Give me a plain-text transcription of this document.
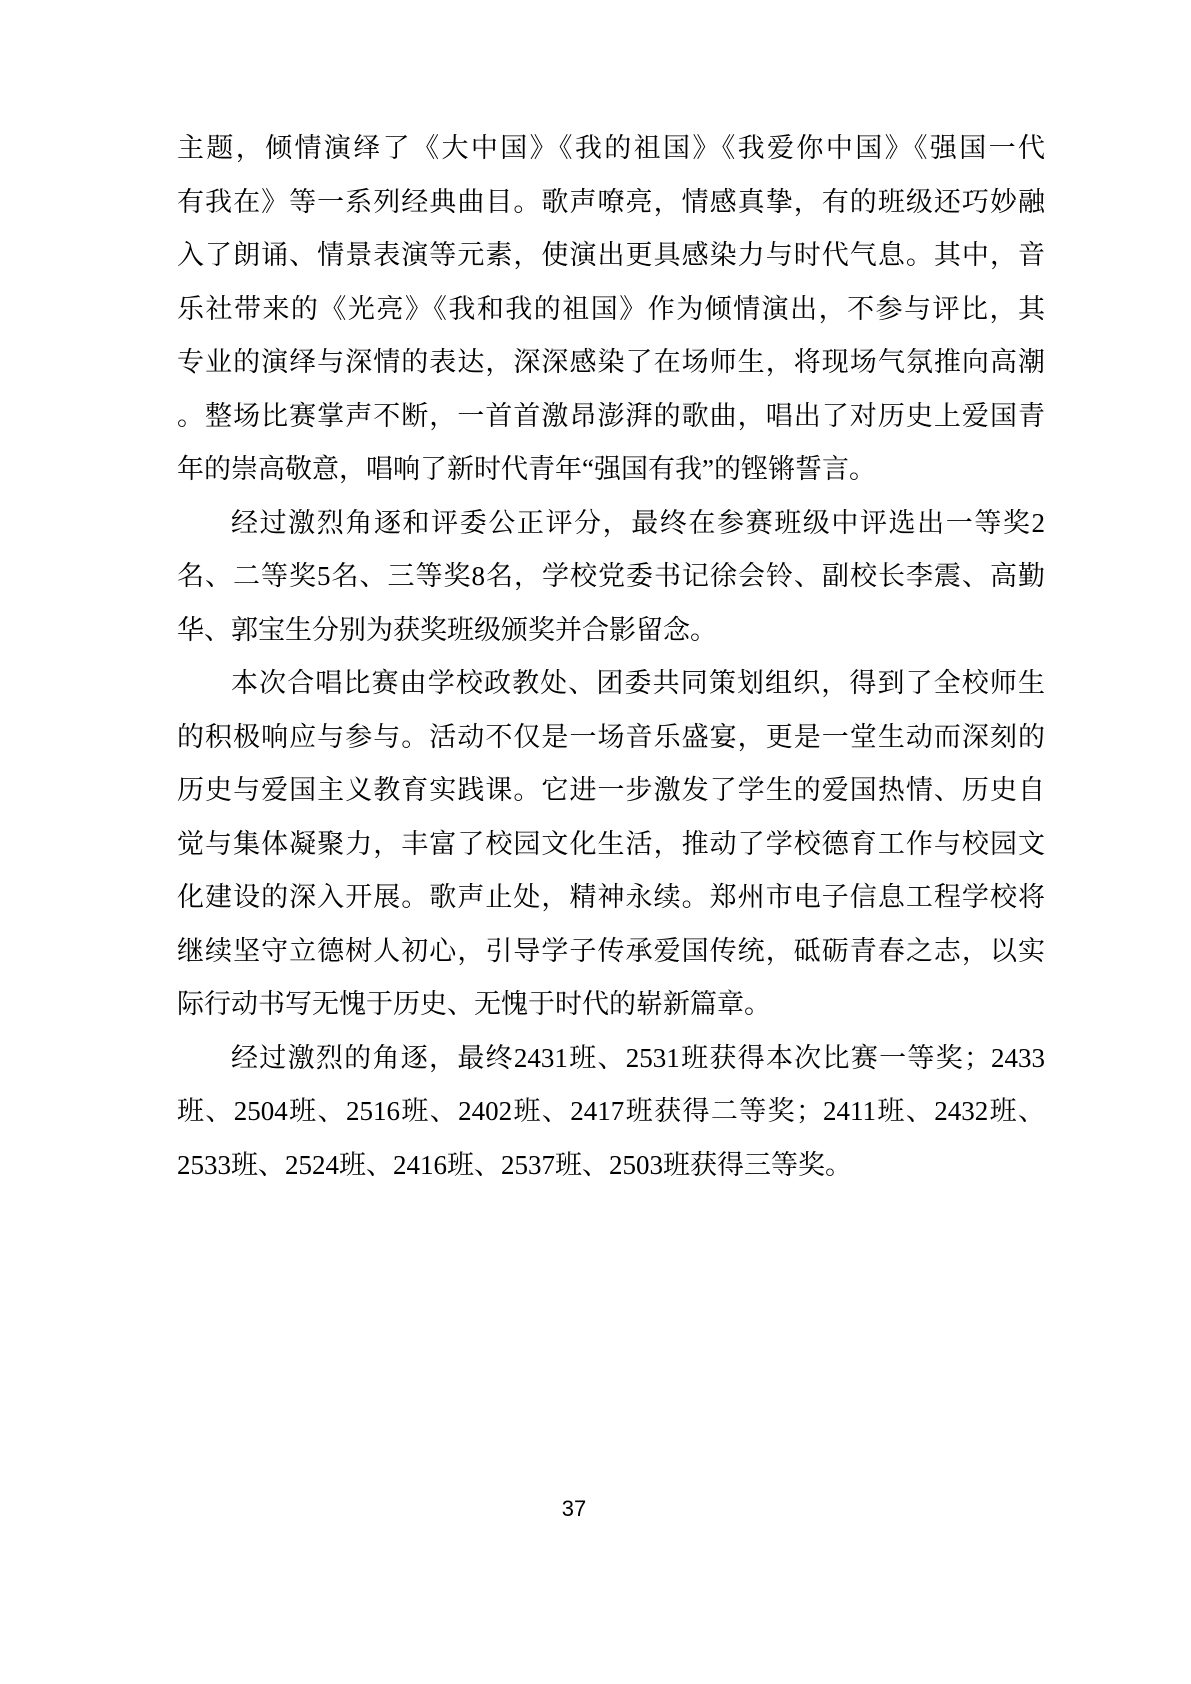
主题，倾情演绎了《大中国》《我的祖国》《我爱你中国》《强国一代
有我在》等一系列经典曲目。歌声嘹亮，情感真挚，有的班级还巧妙融
入了朗诵、情景表演等元素，使演出更具感染力与时代气息。其中，音
乐社带来的《光亮》《我和我的祖国》作为倾情演出，不参与评比，其
专业的演绎与深情的表达，深深感染了在场师生，将现场气氛推向高潮
。整场比赛掌声不断，一首首激昂澎湃的歌曲，唱出了对历史上爱国青
年的崇高敬意，唱响了新时代青年“强国有我”的铿锵誓言。
经过激烈角逐和评委公正评分，最终在参赛班级中评选出一等奖2
名、二等奖5名、三等奖8名，学校党委书记徐会铃、副校长李震、高勤
华、郭宝生分别为获奖班级颁奖并合影留念。
本次合唱比赛由学校政教处、团委共同策划组织，得到了全校师生
的积极响应与参与。活动不仅是一场音乐盛宴，更是一堂生动而深刻的
历史与爱国主义教育实践课。它进一步激发了学生的爱国热情、历史自
觉与集体凝聚力，丰富了校园文化生活，推动了学校德育工作与校园文
化建设的深入开展。歌声止处，精神永续。郑州市电子信息工程学校将
继续坚守立德树人初心，引导学子传承爱国传统，砥砺青春之志，以实
际行动书写无愧于历史、无愧于时代的崭新篇章。
经过激烈的角逐，最终2431班、2531班获得本次比赛一等奖；2433
班、2504班、2516班、2402班、2417班获得二等奖；2411班、2432班、
2533班、2524班、2416班、2537班、2503班获得三等奖。
37
